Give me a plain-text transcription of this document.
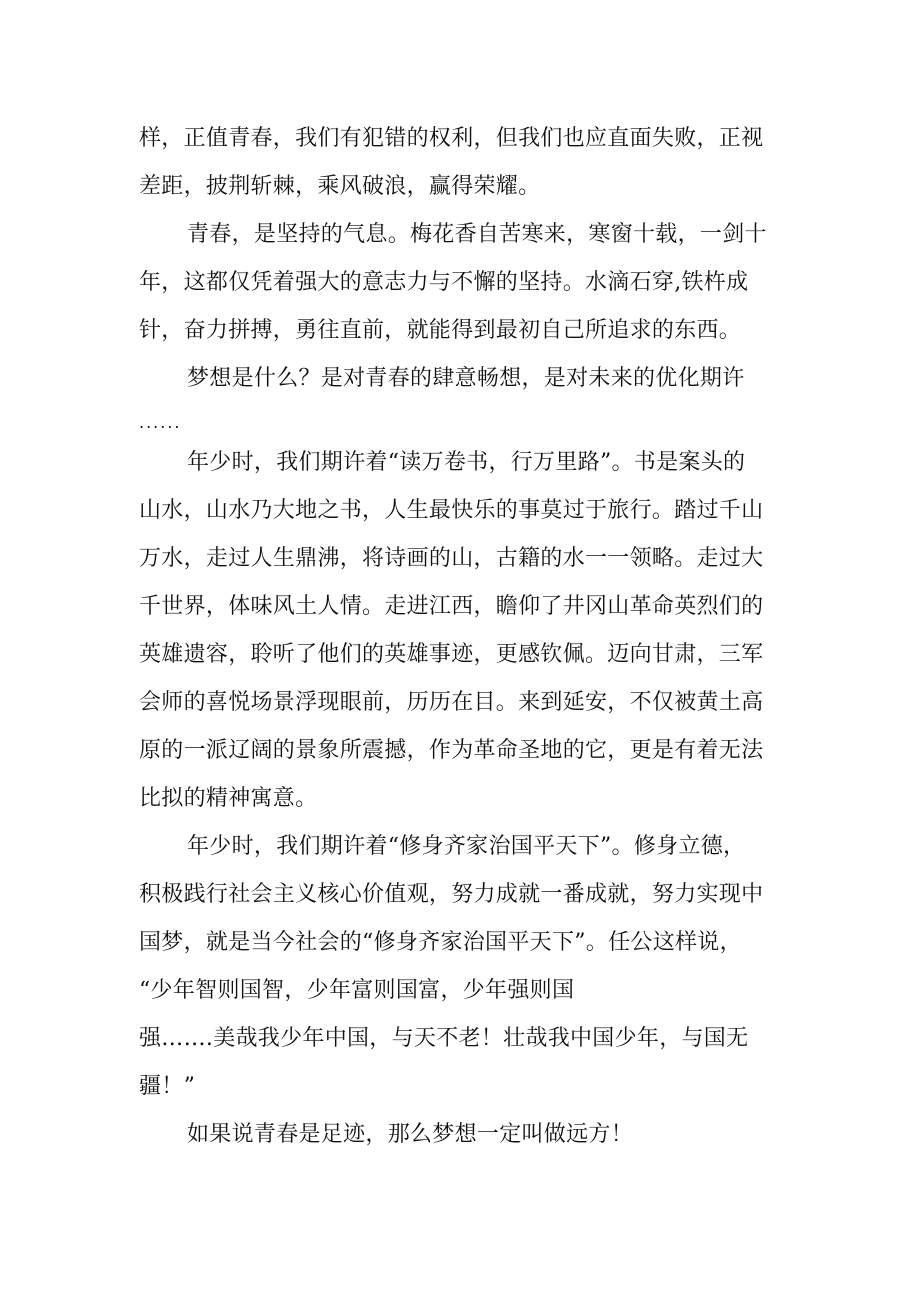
样，正值青春，我们有犯错的权利，但我们也应直面失败，正视
差距，披荆斩棘，乘风破浪，赢得荣耀。
青春，是坚持的气息。梅花香自苦寒来，寒窗十载，一剑十
年，这都仅凭着强大的意志力与不懈的坚持。水滴石穿,铁杵成
针，奋力拼搏，勇往直前，就能得到最初自己所追求的东西。
梦想是什么？是对青春的肆意畅想，是对未来的优化期许
......
年少时，我们期许着“读万卷书，行万里路”。书是案头的
山水，山水乃大地之书，人生最快乐的事莫过于旅行。踏过千山
万水，走过人生鼎沸，将诗画的山，古籍的水一一领略。走过大
千世界，体味风土人情。走进江西，瞻仰了井冈山革命英烈们的
英雄遗容，聆听了他们的英雄事迹，更感钦佩。迈向甘肃，三军
会师的喜悦场景浮现眼前，历历在目。来到延安，不仅被黄土高
原的一派辽阔的景象所震撼，作为革命圣地的它，更是有着无法
比拟的精神寓意。
年少时，我们期许着“修身齐家治国平天下”。修身立德，
积极践行社会主义核心价值观，努力成就一番成就，努力实现中
国梦，就是当今社会的“修身齐家治国平天下”。任公这样说，
“少年智则国智，少年富则国富，少年强则国
强…….美哉我少年中国，与天不老！壮哉我中国少年，与国无
疆！”
如果说青春是足迹，那么梦想一定叫做远方！
